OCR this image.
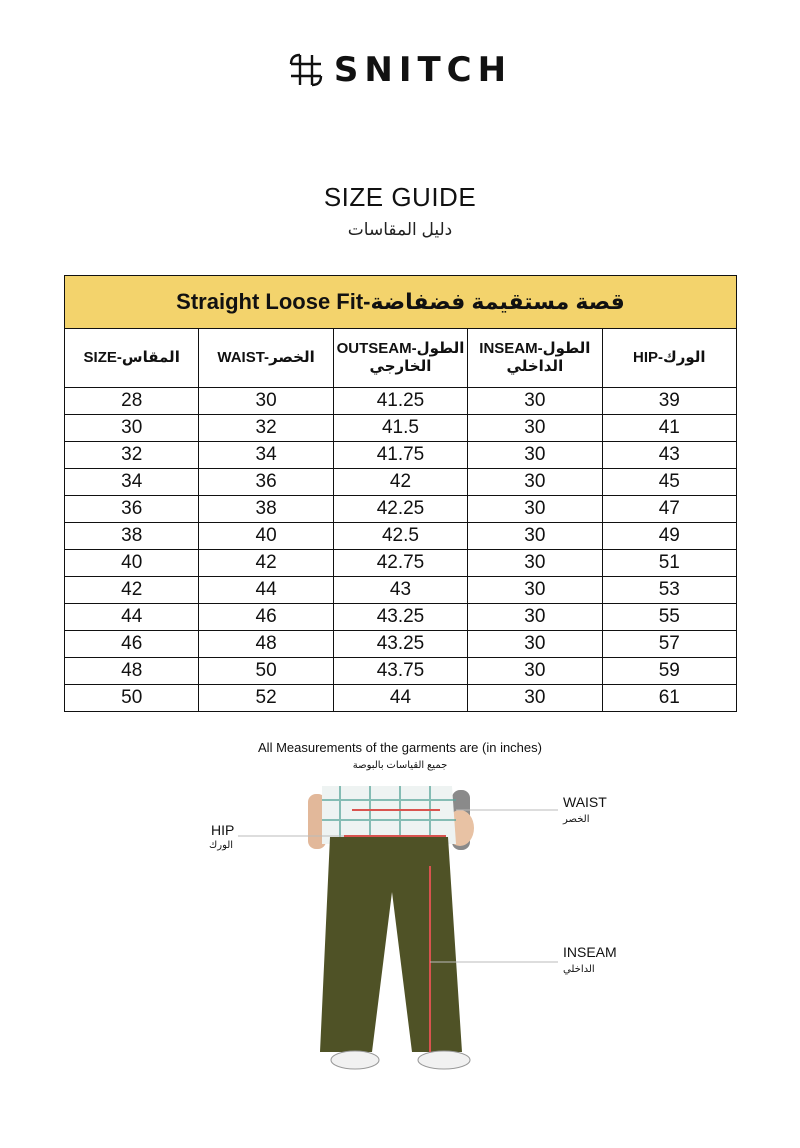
SNITCH
SIZE GUIDE
دليل المقاسات
Straight Loose Fit-قصة مستقيمة فضفاضة				
SIZE-المقاس	WAIST-الخصر	OUTSEAM-الطول الخارجي	INSEAM-الطول الداخلي	HIP-الورك
28	30	41.25	30	39
30	32	41.5	30	41
32	34	41.75	30	43
34	36	42	30	45
36	38	42.25	30	47
38	40	42.5	30	49
40	42	42.75	30	51
42	44	43	30	53
44	46	43.25	30	55
46	48	43.25	30	57
48	50	43.75	30	59
50	52	44	30	61
All Measurements of the garments are (in inches)
جميع القياسات بالبوصة
WAIST
الخصر
HIP
الورك
INSEAM
الداخلي
